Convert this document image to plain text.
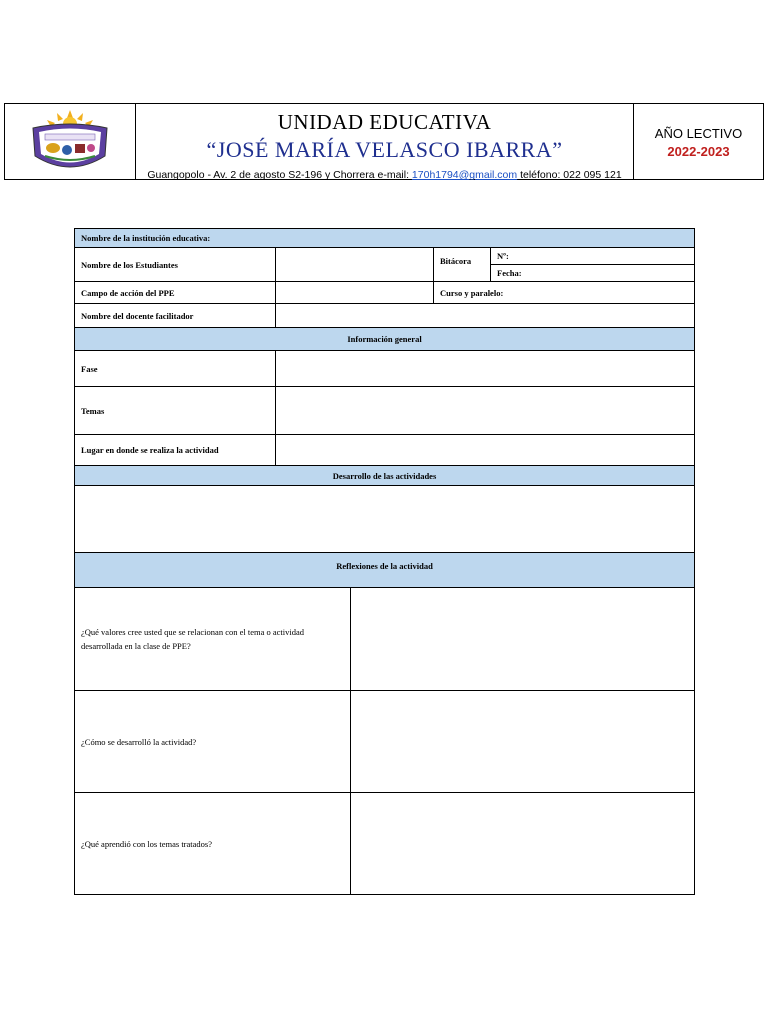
UNIDAD EDUCATIVA
“JOSÉ MARÍA VELASCO IBARRA”
Guangopolo - Av. 2 de agosto S2-196 y Chorrera e-mail: 170h1794@gmail.com teléfono: 022 095 121
AÑO LECTIVO
2022-2023
Nombre de la institución educativa:				
Nombre de los Estudiantes			Bitácora	Nº:
				Fecha:
Campo de acción del PPE			Curso y paralelo:	
Nombre del docente facilitador				
Información general				
Fase				
Temas				
Lugar en donde se realiza la actividad				
Desarrollo de las actividades				

Reflexiones de la actividad				
¿Qué valores cree usted que se relacionan con el tema o actividad desarrollada en la clase de PPE?				
¿Cómo se desarrolló la actividad?				
¿Qué aprendió con los temas tratados?				
